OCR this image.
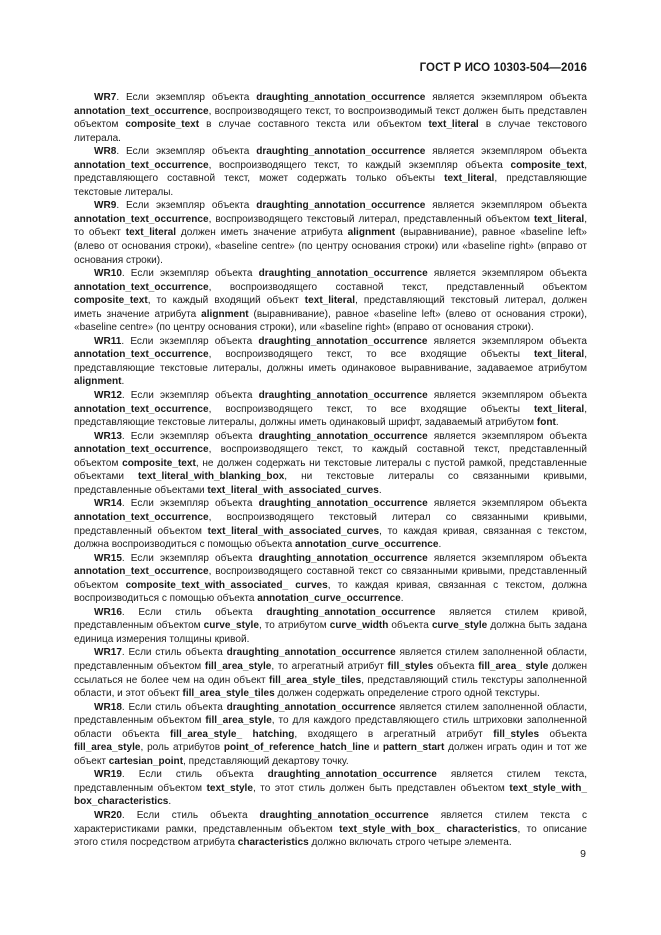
ГОСТ Р ИСО 10303-504—2016

WR7. Если экземпляр объекта draughting_annotation_occurrence является экземпляром объекта annotation_text_occurrence, воспроизводящего текст, то воспроизводимый текст должен быть представлен объектом composite_text в случае составного текста или объектом text_literal в случае текстового литерала.

WR8. Если экземпляр объекта draughting_annotation_occurrence является экземпляром объекта annotation_text_occurrence, воспроизводящего текст, то каждый экземпляр объекта composite_text, представляющего составной текст, может содержать только объекты text_literal, представляющие текстовые литералы.

WR9. Если экземпляр объекта draughting_annotation_occurrence является экземпляром объекта annotation_text_occurrence, воспроизводящего текстовый литерал, представленный объектом text_literal, то объект text_literal должен иметь значение атрибута alignment (выравнивание), равное «baseline left» (влево от основания строки), «baseline centre» (по центру основания строки) или «baseline right» (вправо от основания строки).

WR10. Если экземпляр объекта draughting_annotation_occurrence является экземпляром объекта annotation_text_occurrence, воспроизводящего составной текст, представленный объектом composite_text, то каждый входящий объект text_literal, представляющий текстовый литерал, должен иметь значение атрибута alignment (выравнивание), равное «baseline left» (влево от основания строки), «baseline centre» (по центру основания строки), или «baseline right» (вправо от основания строки).

WR11. Если экземпляр объекта draughting_annotation_occurrence является экземпляром объекта annotation_text_occurrence, воспроизводящего текст, то все входящие объекты text_literal, представляющие текстовые литералы, должны иметь одинаковое выравнивание, задаваемое атрибутом alignment.

WR12. Если экземпляр объекта draughting_annotation_occurrence является экземпляром объекта annotation_text_occurrence, воспроизводящего текст, то все входящие объекты text_literal, представляющие текстовые литералы, должны иметь одинаковый шрифт, задаваемый атрибутом font.

WR13. Если экземпляр объекта draughting_annotation_occurrence является экземпляром объекта annotation_text_occurrence, воспроизводящего текст, то каждый составной текст, представленный объектом composite_text, не должен содержать ни текстовые литералы с пустой рамкой, представленные объектами text_literal_with_blanking_box, ни текстовые литералы со связанными кривыми, представленные объектами text_literal_with_associated_curves.

WR14. Если экземпляр объекта draughting_annotation_occurrence является экземпляром объекта annotation_text_occurrence, воспроизводящего текстовый литерал со связанными кривыми, представленный объектом text_literal_with_associated_curves, то каждая кривая, связанная с текстом, должна воспроизводиться с помощью объекта annotation_curve_occurrence.

WR15. Если экземпляр объекта draughting_annotation_occurrence является экземпляром объекта annotation_text_occurrence, воспроизводящего составной текст со связанными кривыми, представленный объектом composite_text_with_associated_ curves, то каждая кривая, связанная с текстом, должна воспроизводиться с помощью объекта annotation_curve_occurrence.

WR16. Если стиль объекта draughting_annotation_occurrence является стилем кривой, представленным объектом curve_style, то атрибутом curve_width объекта curve_style должна быть задана единица измерения толщины кривой.

WR17. Если стиль объекта draughting_annotation_occurrence является стилем заполненной области, представленным объектом fill_area_style, то агрегатный атрибут fill_styles объекта fill_area_ style должен ссылаться не более чем на один объект fill_area_style_tiles, представляющий стиль текстуры заполненной области, и этот объект fill_area_style_tiles должен содержать определение строго одной текстуры.

WR18. Если стиль объекта draughting_annotation_occurrence является стилем заполненной области, представленным объектом fill_area_style, то для каждого представляющего стиль штриховки заполненной области объекта fill_area_style_ hatching, входящего в агрегатный атрибут fill_styles объекта fill_area_style, роль атрибутов point_of_reference_hatch_line и pattern_start должен играть один и тот же объект cartesian_point, представляющий декартову точку.

WR19. Если стиль объекта draughting_annotation_occurrence является стилем текста, представленным объектом text_style, то этот стиль должен быть представлен объектом text_style_with_ box_characteristics.

WR20. Если стиль объекта draughting_annotation_occurrence является стилем текста с характеристиками рамки, представленным объектом text_style_with_box_ characteristics, то описание этого стиля посредством атрибута characteristics должно включать строго четыре элемента.

9
